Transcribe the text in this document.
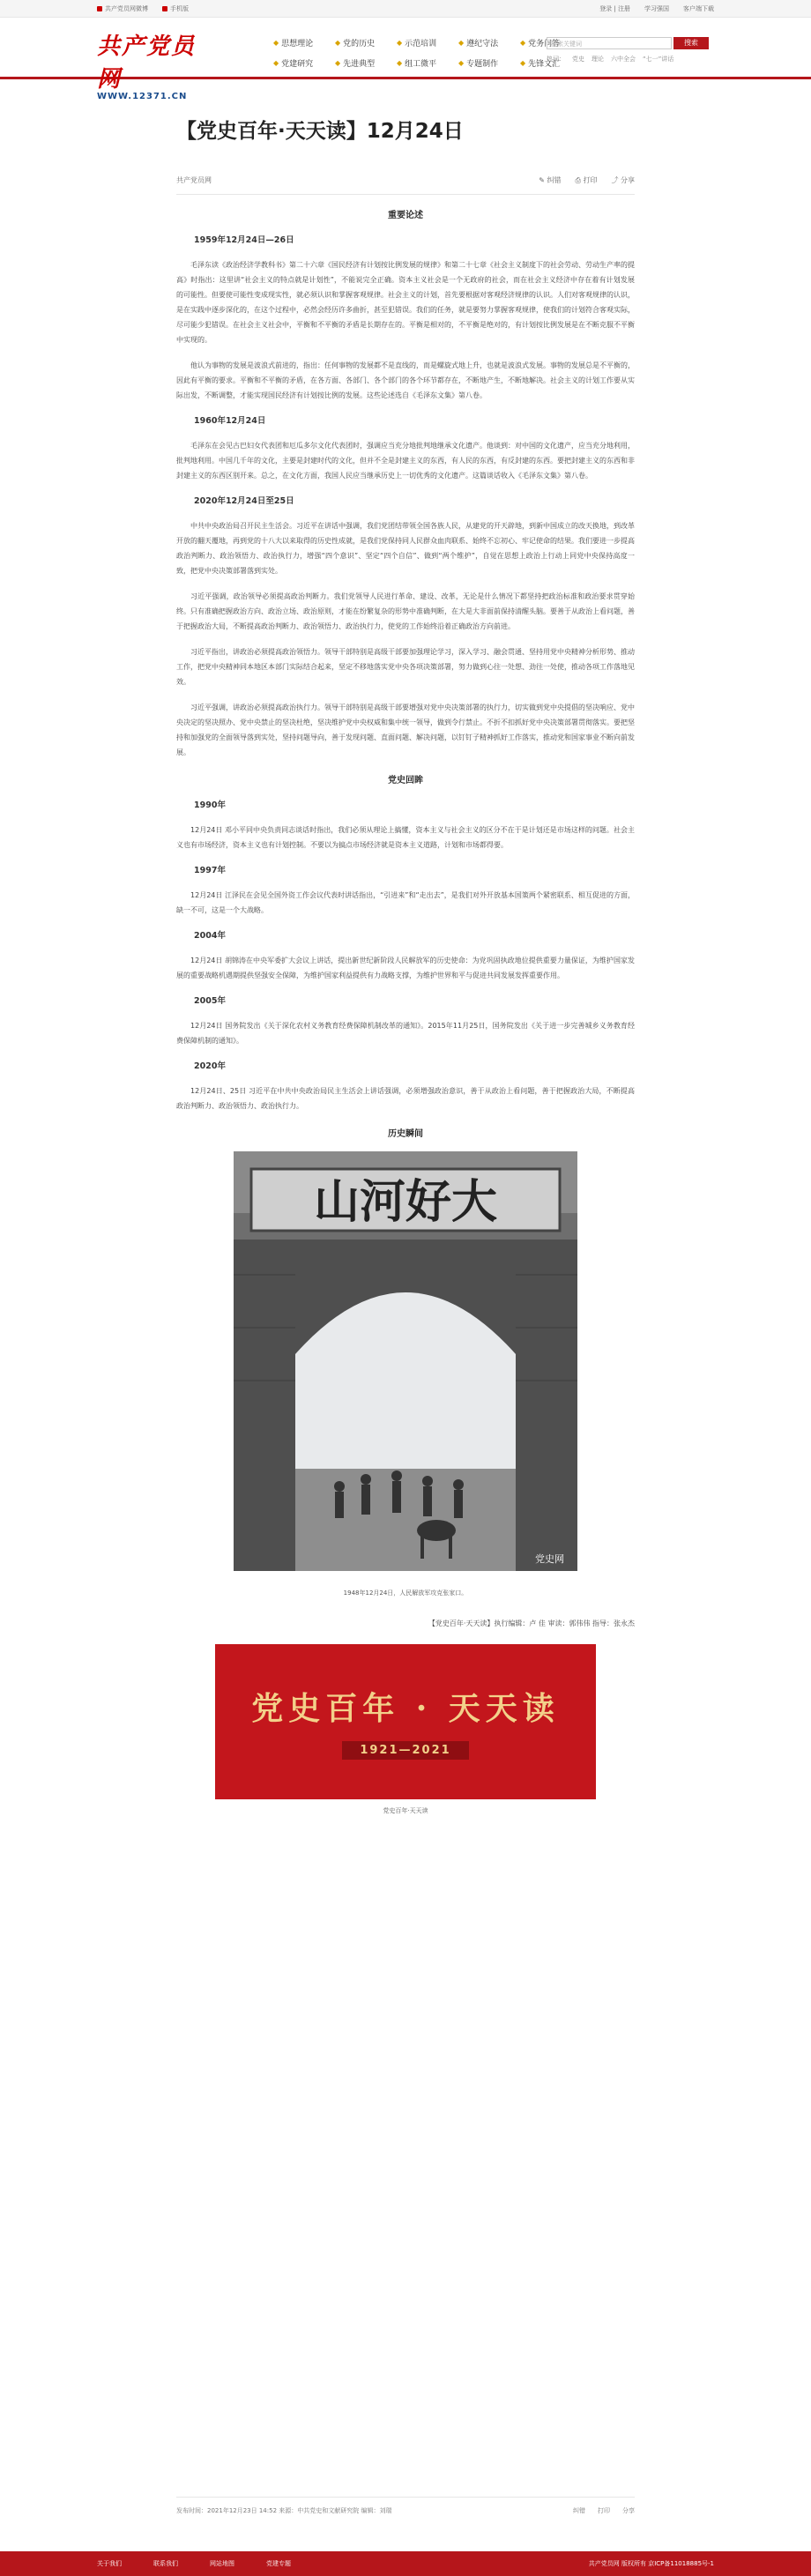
共产党员网微博	手机版	登录 | 注册 学习强国 客户端下载
共产党员网
WWW.12371.CN
◆ 思想理论	◆ 党的历史	◆ 示范培训	◆ 遵纪守法	◆ 党务问答
◆ 党建研究	◆ 先进典型	◆ 组工微平	◆ 专题制作	◆ 先锋文汇
搜索关键词	搜索
热词： 党史 理论 六中全会 “七一”讲话
【党史百年·天天读】12月24日
共产党员网	✎ 纠错 ⎙ 打印 ⤴ 分享
重要论述
1959年12月24日—26日
毛泽东读《政治经济学教科书》第二十六章《国民经济有计划按比例发展的规律》和第二十七章《社会主义制度下的社会劳动、劳动生产率的提高》时指出：这里讲“社会主义的特点就是计划性”，不能说完全正确。资本主义社会是一个无政府的社会，而在社会主义经济中存在着有计划发展的可能性。但要使可能性变成现实性，就必须认识和掌握客观规律。社会主义的计划，首先要根据对客观经济规律的认识。人们对客观规律的认识，是在实践中逐步深化的，在这个过程中，必然会经历许多曲折，甚至犯错误。我们的任务，就是要努力掌握客观规律，使我们的计划符合客观实际，尽可能少犯错误。在社会主义社会中，平衡和不平衡的矛盾是长期存在的。平衡是相对的，不平衡是绝对的，有计划按比例发展是在不断克服不平衡中实现的。
他认为事物的发展是波浪式前进的，指出：任何事物的发展都不是直线的，而是螺旋式地上升，也就是波浪式发展。事物的发展总是不平衡的，因此有平衡的要求。平衡和不平衡的矛盾，在各方面、各部门、各个部门的各个环节都存在，不断地产生，不断地解决。社会主义的计划工作要从实际出发，不断调整，才能实现国民经济有计划按比例的发展。这些论述选自《毛泽东文集》第八卷。
1960年12月24日
毛泽东在会见古巴妇女代表团和厄瓜多尔文化代表团时，强调应当充分地批判地继承文化遗产。他谈到：对中国的文化遗产，应当充分地利用，批判地利用。中国几千年的文化，主要是封建时代的文化，但并不全是封建主义的东西，有人民的东西，有反封建的东西。要把封建主义的东西和非封建主义的东西区别开来。总之，在文化方面，我国人民应当继承历史上一切优秀的文化遗产。这篇谈话收入《毛泽东文集》第八卷。
2020年12月24日至25日
中共中央政治局召开民主生活会。习近平在讲话中强调，我们党团结带领全国各族人民，从建党的开天辟地，到新中国成立的改天换地，到改革开放的翻天覆地，再到党的十八大以来取得的历史性成就，是我们党保持同人民群众血肉联系、始终不忘初心、牢记使命的结果。我们要进一步提高政治判断力、政治领悟力、政治执行力，增强“四个意识”、坚定“四个自信”、做到“两个维护”，自觉在思想上政治上行动上同党中央保持高度一致，把党中央决策部署落到实处。
习近平强调，政治领导必须提高政治判断力。我们党领导人民进行革命、建设、改革，无论是什么情况下都坚持把政治标准和政治要求贯穿始终。只有准确把握政治方向、政治立场、政治原则，才能在纷繁复杂的形势中准确判断，在大是大非面前保持清醒头脑。要善于从政治上看问题，善于把握政治大局，不断提高政治判断力、政治领悟力、政治执行力，使党的工作始终沿着正确政治方向前进。
习近平指出，讲政治必须提高政治领悟力。领导干部特别是高级干部要加强理论学习，深入学习、融会贯通、坚持用党中央精神分析形势、推动工作，把党中央精神同本地区本部门实际结合起来，坚定不移地落实党中央各项决策部署，努力做到心往一处想、劲往一处使，推动各项工作落地见效。
习近平强调，讲政治必须提高政治执行力。领导干部特别是高级干部要增强对党中央决策部署的执行力，切实做到党中央提倡的坚决响应、党中央决定的坚决照办、党中央禁止的坚决杜绝，坚决维护党中央权威和集中统一领导，做到令行禁止。不折不扣抓好党中央决策部署贯彻落实。要把坚持和加强党的全面领导落到实处，坚持问题导向，善于发现问题、直面问题、解决问题，以钉钉子精神抓好工作落实，推动党和国家事业不断向前发展。
党史回眸
1990年
12月24日 邓小平同中央负责同志谈话时指出，我们必须从理论上搞懂，资本主义与社会主义的区分不在于是计划还是市场这样的问题。社会主义也有市场经济，资本主义也有计划控制。不要以为搞点市场经济就是资本主义道路，计划和市场都得要。
1997年
12月24日 江泽民在会见全国外资工作会议代表时讲话指出，“引进来”和“走出去”，是我们对外开放基本国策两个紧密联系、相互促进的方面，缺一不可，这是一个大战略。
2004年
12月24日 胡锦涛在中央军委扩大会议上讲话，提出新世纪新阶段人民解放军的历史使命：为党巩固执政地位提供重要力量保证，为维护国家发展的重要战略机遇期提供坚强安全保障，为维护国家利益提供有力战略支撑，为维护世界和平与促进共同发展发挥重要作用。
2005年
12月24日 国务院发出《关于深化农村义务教育经费保障机制改革的通知》。2015年11月25日，国务院发出《关于进一步完善城乡义务教育经费保障机制的通知》。
2020年
12月24日、25日 习近平在中共中央政治局民主生活会上讲话强调，必须增强政治意识，善于从政治上看问题，善于把握政治大局，不断提高政治判断力、政治领悟力、政治执行力。
历史瞬间
山河好大
党史网
1948年12月24日，人民解放军攻克张家口。
【党史百年·天天读】执行编辑：卢 佳 审读：郭伟伟 指导：张永杰
党史百年 · 天天读
1921—2021
党史百年·天天读
发布时间：2021年12月23日 14:52 来源：中共党史和文献研究院 编辑：刘瑞	纠错 打印 分享
关于我们	联系我们	网站地图	党建专题	共产党员网 版权所有 京ICP备11018885号-1
